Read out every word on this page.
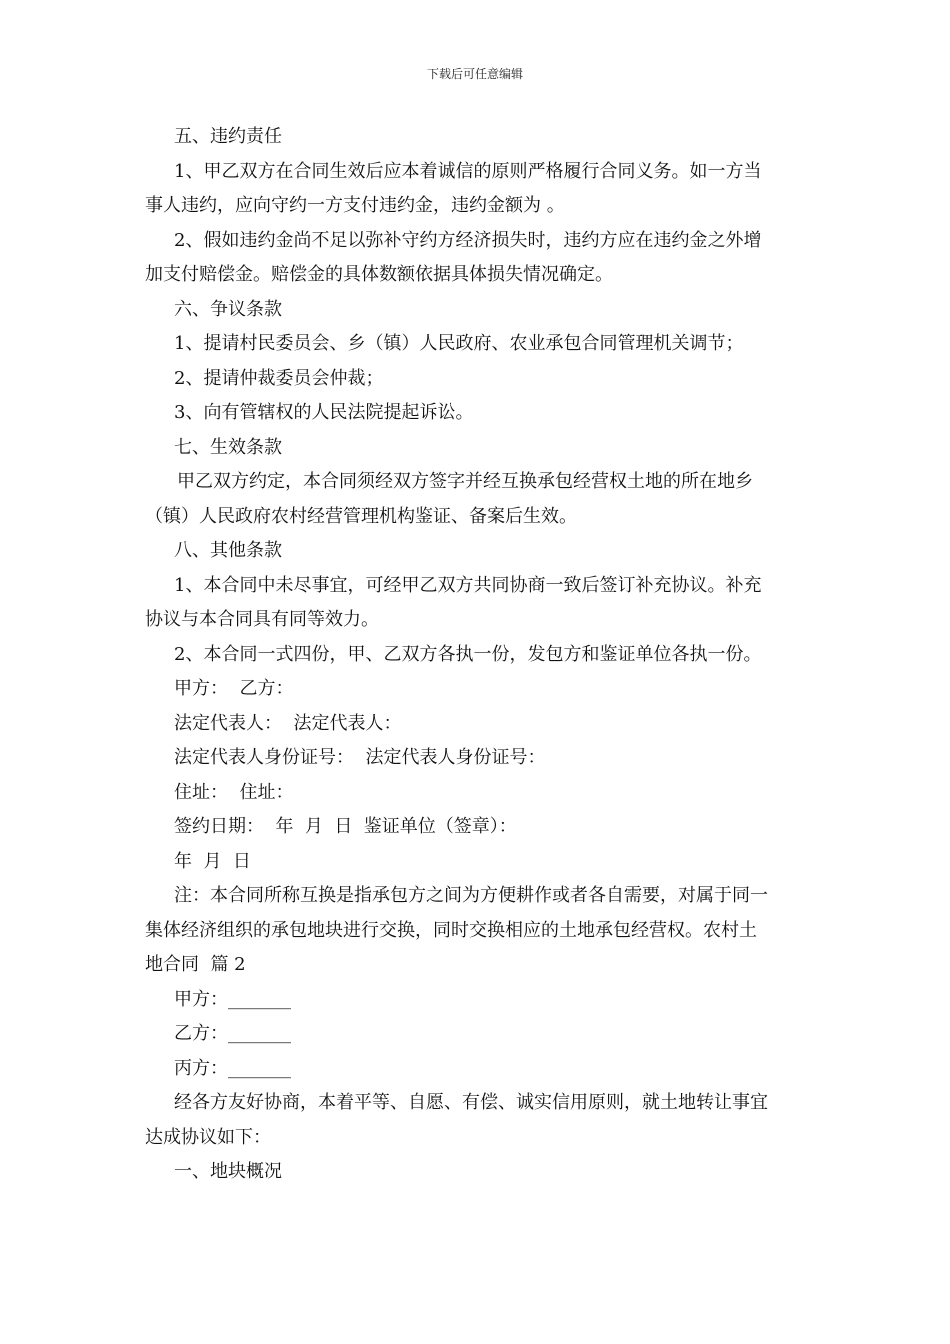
下载后可任意编辑

五、违约责任

1、甲乙双方在合同生效后应本着诚信的原则严格履行合同义务。如一方当

事人违约，应向守约一方支付违约金，违约金额为 。

2、假如违约金尚不足以弥补守约方经济损失时，违约方应在违约金之外增

加支付赔偿金。赔偿金的具体数额依据具体损失情况确定。

六、争议条款

1、提请村民委员会、乡（镇）人民政府、农业承包合同管理机关调节；

2、提请仲裁委员会仲裁；

3、向有管辖权的人民法院提起诉讼。

七、生效条款

甲乙双方约定，本合同须经双方签字并经互换承包经营权土地的所在地乡

（镇）人民政府农村经营管理机构鉴证、备案后生效。

八、其他条款

1、本合同中未尽事宜，可经甲乙双方共同协商一致后签订补充协议。补充

协议与本合同具有同等效力。

2、本合同一式四份，甲、乙双方各执一份，发包方和鉴证单位各执一份。

甲方：  乙方：

法定代表人：  法定代表人：

法定代表人身份证号：  法定代表人身份证号：

住址：  住址：

签约日期：  年  月  日  鉴证单位（签章）：

年  月  日

注：本合同所称互换是指承包方之间为方便耕作或者各自需要，对属于同一

集体经济组织的承包地块进行交换，同时交换相应的土地承包经营权。农村土

地合同  篇 2

甲方：_______

乙方：_______

丙方：_______

经各方友好协商，本着平等、自愿、有偿、诚实信用原则，就土地转让事宜

达成协议如下：

一、地块概况
